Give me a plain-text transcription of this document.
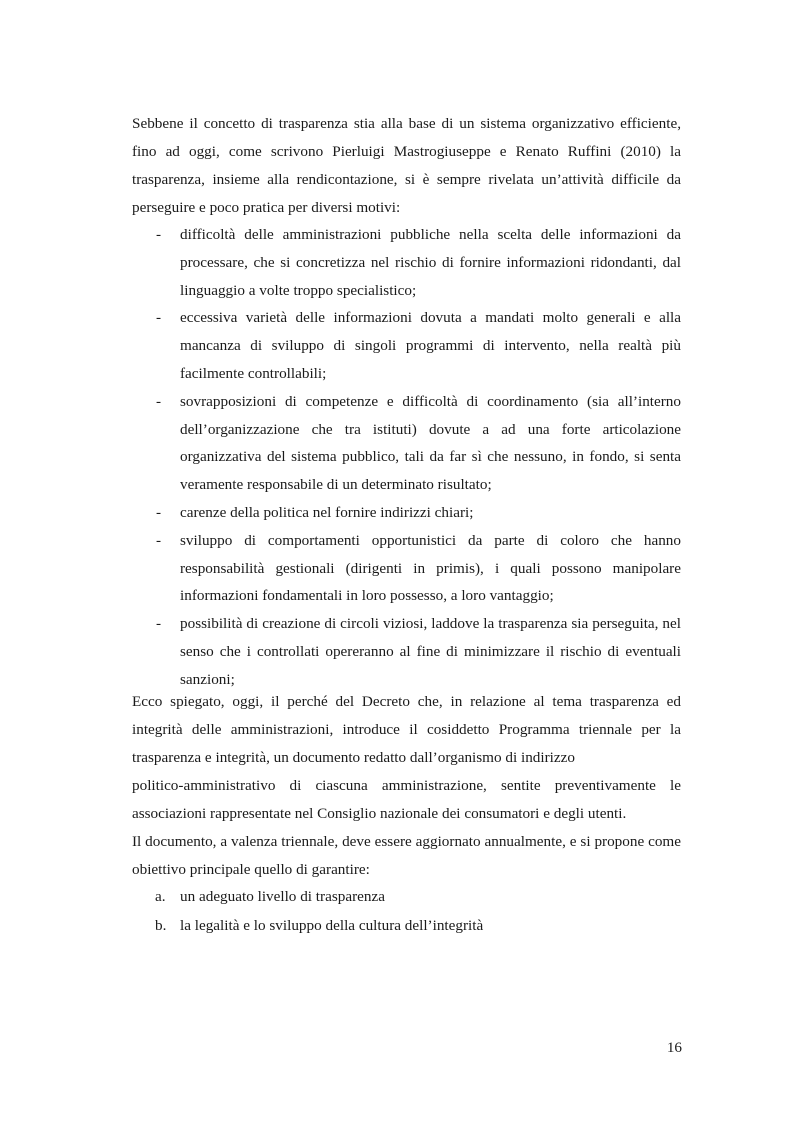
Sebbene il concetto di trasparenza stia alla base di un sistema organizzativo efficiente, fino ad oggi, come scrivono Pierluigi Mastrogiuseppe e Renato Ruffini (2010) la trasparenza, insieme alla rendicontazione, si è sempre rivelata un’attività difficile da perseguire e poco pratica per diversi motivi:

- difficoltà delle amministrazioni pubbliche nella scelta delle informazioni da processare, che si concretizza nel rischio di fornire informazioni ridondanti, dal linguaggio a volte troppo specialistico;
- eccessiva varietà delle informazioni dovuta a mandati molto generali e alla mancanza di sviluppo di singoli programmi di intervento, nella realtà più facilmente controllabili;
- sovrapposizioni di competenze e difficoltà di coordinamento (sia all’interno dell’organizzazione che tra istituti) dovute a ad una forte articolazione organizzativa del sistema pubblico, tali da far sì che nessuno, in fondo, si senta veramente responsabile di un determinato risultato;
- carenze della politica nel fornire indirizzi chiari;
- sviluppo di comportamenti opportunistici da parte di coloro che hanno responsabilità gestionali (dirigenti in primis), i quali possono manipolare informazioni fondamentali in loro possesso, a loro vantaggio;
- possibilità di creazione di circoli viziosi, laddove la trasparenza sia perseguita, nel senso che i controllati opereranno al fine di minimizzare il rischio di eventuali sanzioni;

Ecco spiegato, oggi, il perché del Decreto che, in relazione al tema trasparenza ed integrità delle amministrazioni, introduce il cosiddetto Programma triennale per la trasparenza e integrità, un documento redatto dall’organismo di indirizzo

politico-amministrativo di ciascuna amministrazione, sentite preventivamente le associazioni rappresentate nel Consiglio nazionale dei consumatori e degli utenti.

Il documento, a valenza triennale, deve essere aggiornato annualmente, e si propone come obiettivo principale quello di garantire:

a. un adeguato livello di trasparenza
b. la legalità e lo sviluppo della cultura dell’integrità
16
